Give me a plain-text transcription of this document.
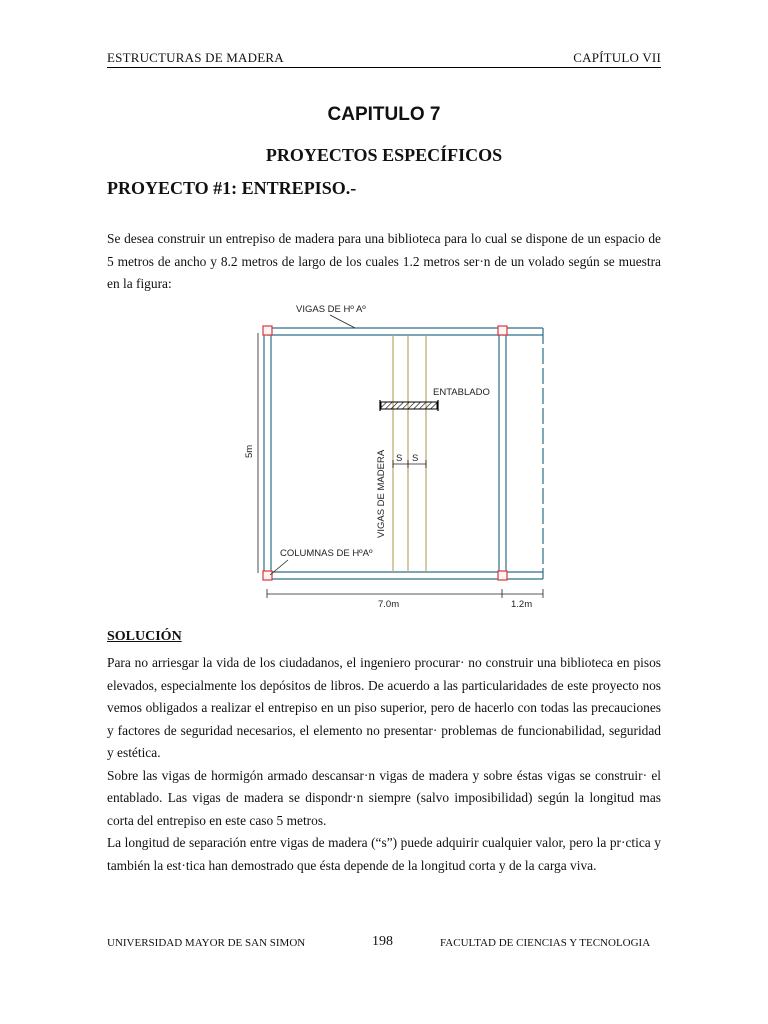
ESTRUCTURAS DE MADERA	CAPÍTULO VII
CAPITULO 7
PROYECTOS ESPECÍFICOS
PROYECTO #1: ENTREPISO.-

Se desea construir un entrepiso de madera para una biblioteca para lo cual se dispone de un espacio de 5 metros de ancho y 8.2 metros de largo de los cuales 1.2 metros ser·n de un volado según se muestra en la figura:

ENTABLADO
S S
VIGAS DE MADERA
VIGAS DE Hº Aº
COLUMNAS DE HºAº
5m
7.0m	1.2m
SOLUCIÓN
Para no arriesgar la vida de los ciudadanos, el ingeniero procurar· no construir una biblioteca en pisos elevados, especialmente los depósitos de libros. De acuerdo a las particularidades de este proyecto nos vemos obligados a realizar el entrepiso en un piso superior, pero de hacerlo con todas las precauciones y factores de seguridad necesarios, el elemento no presentar· problemas de funcionabilidad, seguridad y estética.
Sobre las vigas de hormigón armado descansar·n vigas de madera y sobre éstas vigas se construir· el entablado. Las vigas de madera se dispondr·n siempre (salvo imposibilidad) según la longitud mas corta del entrepiso en este caso 5 metros.
La longitud de separación entre vigas de madera (“s”) puede adquirir cualquier valor, pero la pr·ctica y también la est·tica han demostrado que ésta depende de la longitud corta y de la carga viva.
UNIVERSIDAD MAYOR DE SAN SIMON	198	FACULTAD DE CIENCIAS Y TECNOLOGIA
